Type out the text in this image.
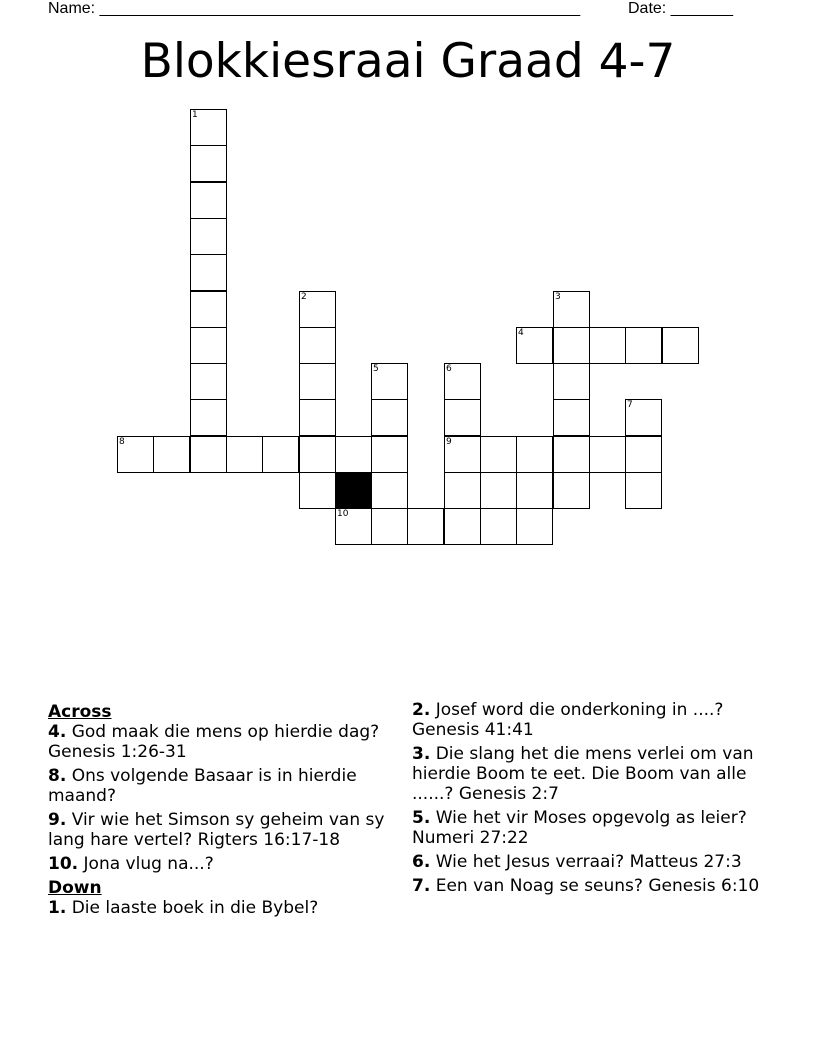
Name: ______________________________________________________	Date: _______
Blokkiesraai Graad 4-7
1
2	3
4
5	6
9
7
8
10
Across
4. God maak die mens op hierdie dag? Genesis 1:26-31
8. Ons volgende Basaar is in hierdie maand?
9. Vir wie het Simson sy geheim van sy lang hare vertel? Rigters 16:17-18
10. Jona vlug na...?
Down
1. Die laaste boek in die Bybel?
2. Josef word die onderkoning in ....? Genesis 41:41
3. Die slang het die mens verlei om van hierdie Boom te eet. Die Boom van alle ......? Genesis 2:7
5. Wie het vir Moses opgevolg as leier? Numeri 27:22
6. Wie het Jesus verraai? Matteus 27:3
7. Een van Noag se seuns? Genesis 6:10
